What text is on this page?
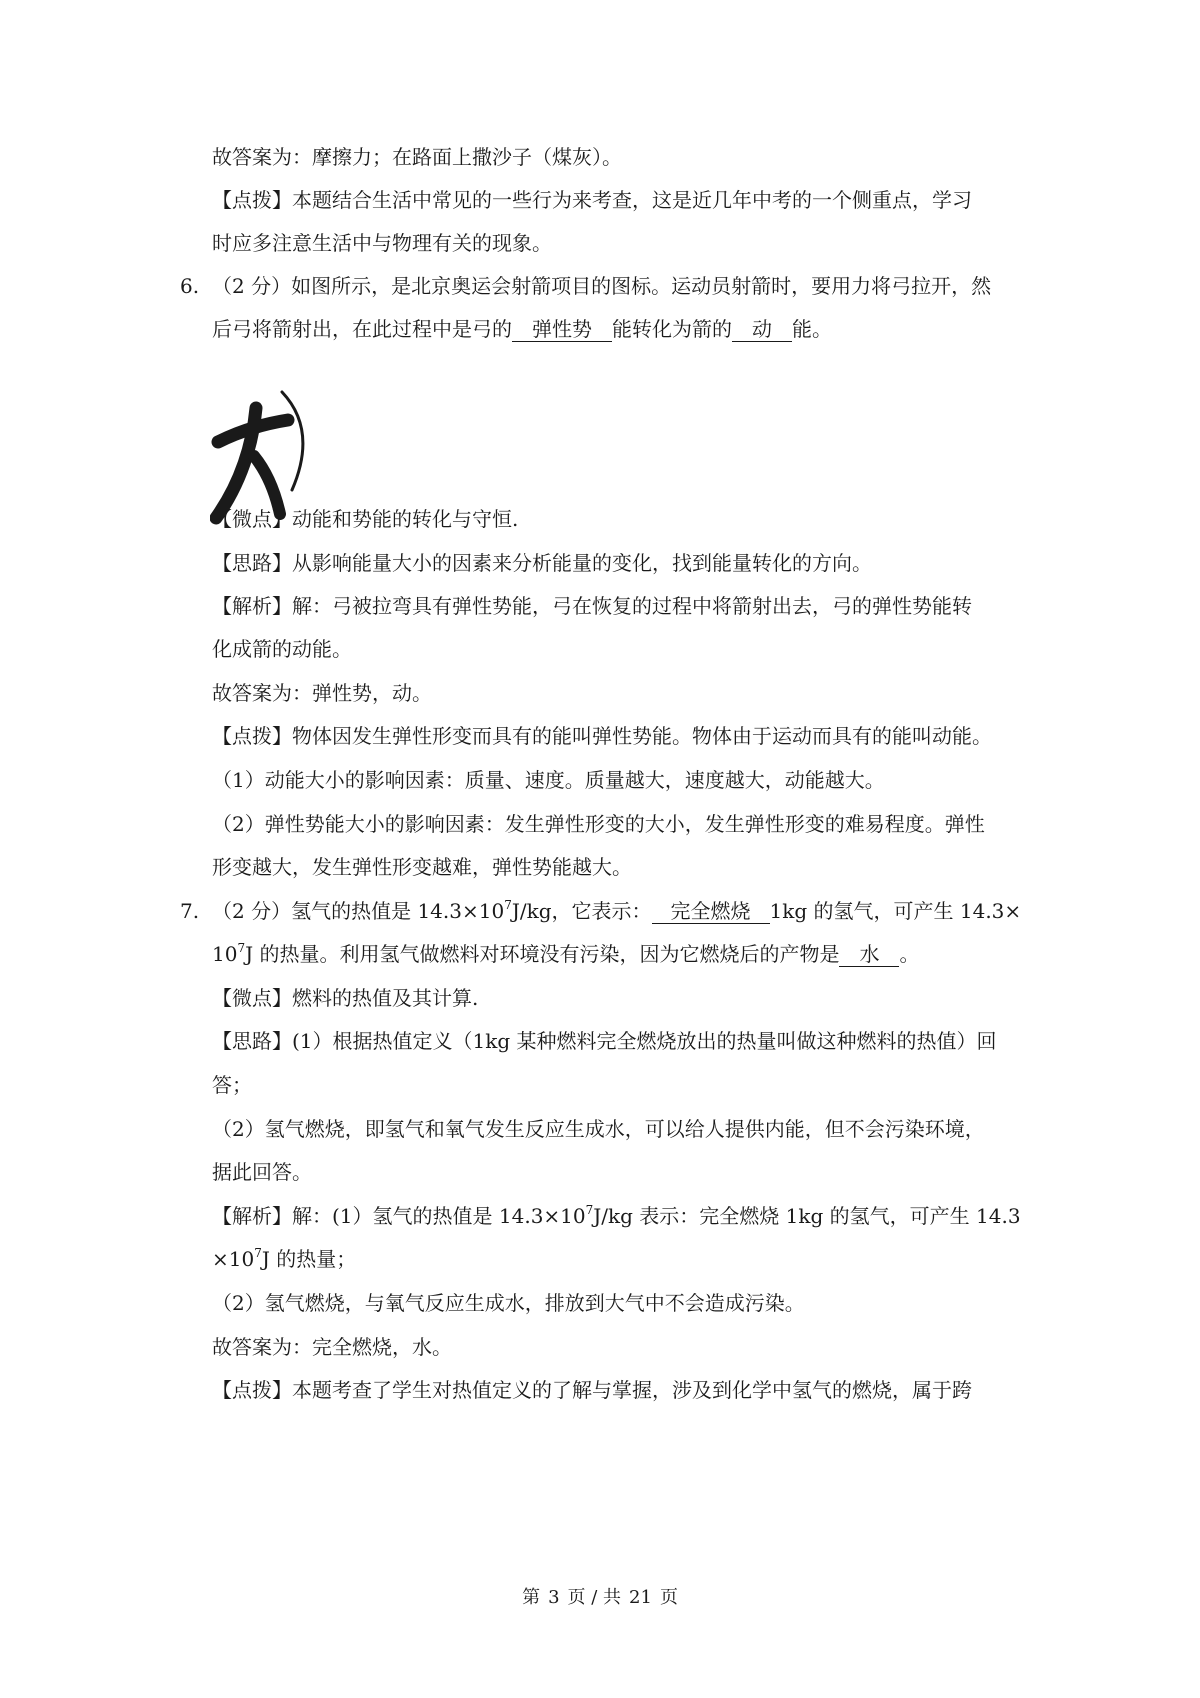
故答案为：摩擦力；在路面上撒沙子（煤灰）。
【点拨】本题结合生活中常见的一些行为来考查，这是近几年中考的一个侧重点，学习
时应多注意生活中与物理有关的现象。
6. （2 分）如图所示，是北京奥运会射箭项目的图标。运动员射箭时，要用力将弓拉开，然
后弓将箭射出，在此过程中是弓的 弹性势 能转化为箭的 动 能。
【微点】动能和势能的转化与守恒.
【思路】从影响能量大小的因素来分析能量的变化，找到能量转化的方向。
【解析】解：弓被拉弯具有弹性势能，弓在恢复的过程中将箭射出去，弓的弹性势能转
化成箭的动能。
故答案为：弹性势，动。
【点拨】物体因发生弹性形变而具有的能叫弹性势能。物体由于运动而具有的能叫动能。
（1）动能大小的影响因素：质量、速度。质量越大，速度越大，动能越大。
（2）弹性势能大小的影响因素：发生弹性形变的大小，发生弹性形变的难易程度。弹性
形变越大，发生弹性形变越难，弹性势能越大。
7. （2 分）氢气的热值是 $14.3\times 10^7J/kg$，它表示： 完全燃烧 1kg 的氢气，可产生 14.3×
$10^7J$ 的热量。利用氢气做燃料对环境没有污染，因为它燃烧后的产物是 水 。
【微点】燃料的热值及其计算.
【思路】(1）根据热值定义（1kg 某种燃料完全燃烧放出的热量叫做这种燃料的热值）回
答；
（2）氢气燃烧，即氢气和氧气发生反应生成水，可以给人提供内能，但不会污染环境，
据此回答。
【解析】解：(1）氢气的热值是 $14.3\times 10^7J/kg$ 表示：完全燃烧 1kg 的氢气，可产生 14.3
$\times 10^7J$ 的热量；
（2）氢气燃烧，与氧气反应生成水，排放到大气中不会造成污染。
故答案为：完全燃烧，水。
【点拨】本题考查了学生对热值定义的了解与掌握，涉及到化学中氢气的燃烧，属于跨
第 3 页 / 共 21 页
